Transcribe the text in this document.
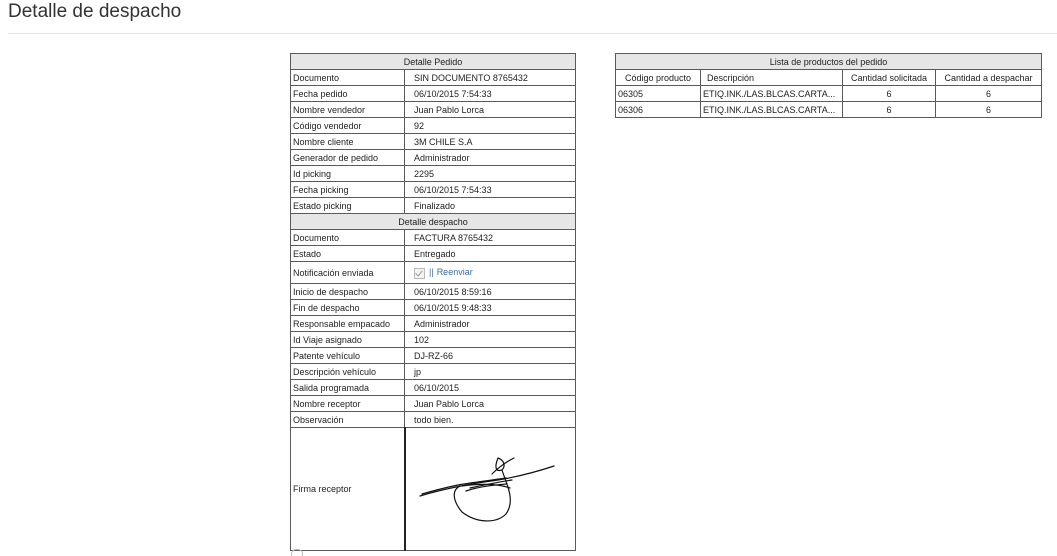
Detalle de despacho
Detalle Pedido	
Documento	SIN DOCUMENTO 8765432
Fecha pedido	06/10/2015 7:54:33
Nombre vendedor	Juan Pablo Lorca
Código vendedor	92
Nombre cliente	3M CHILE S.A
Generador de pedido	Administrador
Id picking	2295
Fecha picking	06/10/2015 7:54:33
Estado picking	Finalizado
Detalle despacho	
Documento	FACTURA 8765432
Estado	Entregado
Notificación enviada	|| Reenviar
Inicio de despacho	06/10/2015 8:59:16
Fin de despacho	06/10/2015 9:48:33
Responsable empacado	Administrador
Id Viaje asignado	102
Patente vehículo	DJ-RZ-66
Descripción vehículo	jp
Salida programada	06/10/2015
Nombre receptor	Juan Pablo Lorca
Observación	todo bien.
Firma receptor	
Lista de productos del pedido			
Código producto	Descripción	Cantidad solicitada	Cantidad a despachar
06305	ETIQ.INK./LAS.BLCAS.CARTA...	6	6
06306	ETIQ.INK./LAS.BLCAS.CARTA...	6	6
